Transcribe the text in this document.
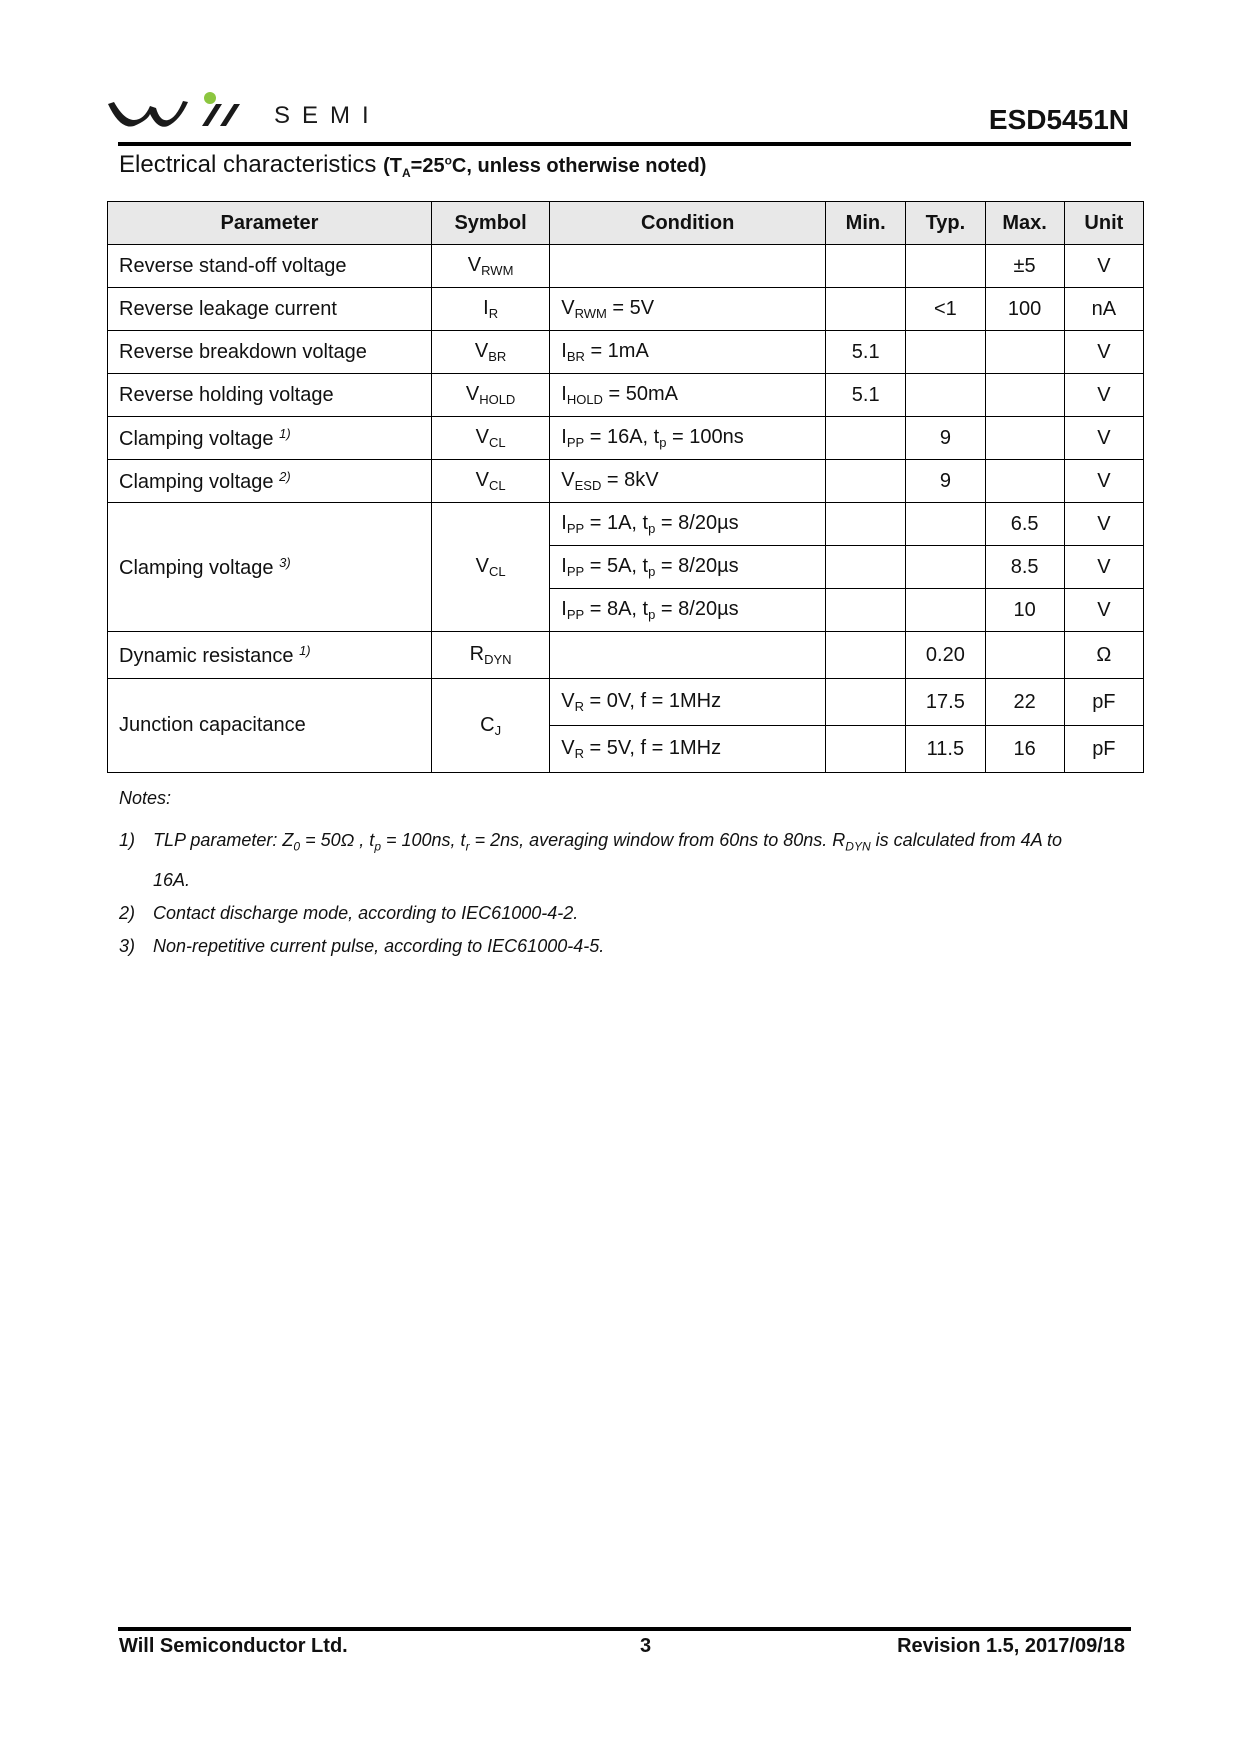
SEMI	ESD5451N
Electrical characteristics ($T_A=25^oC$, unless otherwise noted)
Parameter	Symbol	Condition	Min.	Typ.	Max.	Unit
Reverse stand-off voltage	$V_{RWM}$				±5	V
Reverse leakage current	$I_R$	$V_{RWM} = 5V$		<1	100	nA
Reverse breakdown voltage	$V_{BR}$	$I_{BR} = 1mA$	5.1			V
Reverse holding voltage	$V_{HOLD}$	$I_{HOLD} = 50mA$	5.1			V
Clamping voltage $^{1)}$	$V_{CL}$	$I_{PP} = 16A$, $t_p = 100ns$		9		V
Clamping voltage $^{2)}$	$V_{CL}$	$V_{ESD} = 8kV$		9		V
Clamping voltage $^{3)}$	$V_{CL}$	$I_{PP} = 1A$, $t_p = 8/20\mu s$			6.5	V
		$I_{PP} = 5A$, $t_p = 8/20\mu s$			8.5	V
		$I_{PP} = 8A$, $t_p = 8/20\mu s$			10	V
Dynamic resistance $^{1)}$	$R_{DYN}$			0.20		Ω
Junction capacitance	$C_J$	$V_R = 0V$, f = 1MHz		17.5	22	pF
		$V_R = 5V$, f = 1MHz		11.5	16	pF
Notes:
1) TLP parameter: $Z_0 = 50\Omega$ , $t_p = 100ns$, $t_r = 2ns$, averaging window from 60ns to 80ns. $R_{DYN}$ is calculated from 4A to
16A.
2) Contact discharge mode, according to IEC61000-4-2.
3) Non-repetitive current pulse, according to IEC61000-4-5.
Will Semiconductor Ltd.	3	Revision 1.5, 2017/09/18
